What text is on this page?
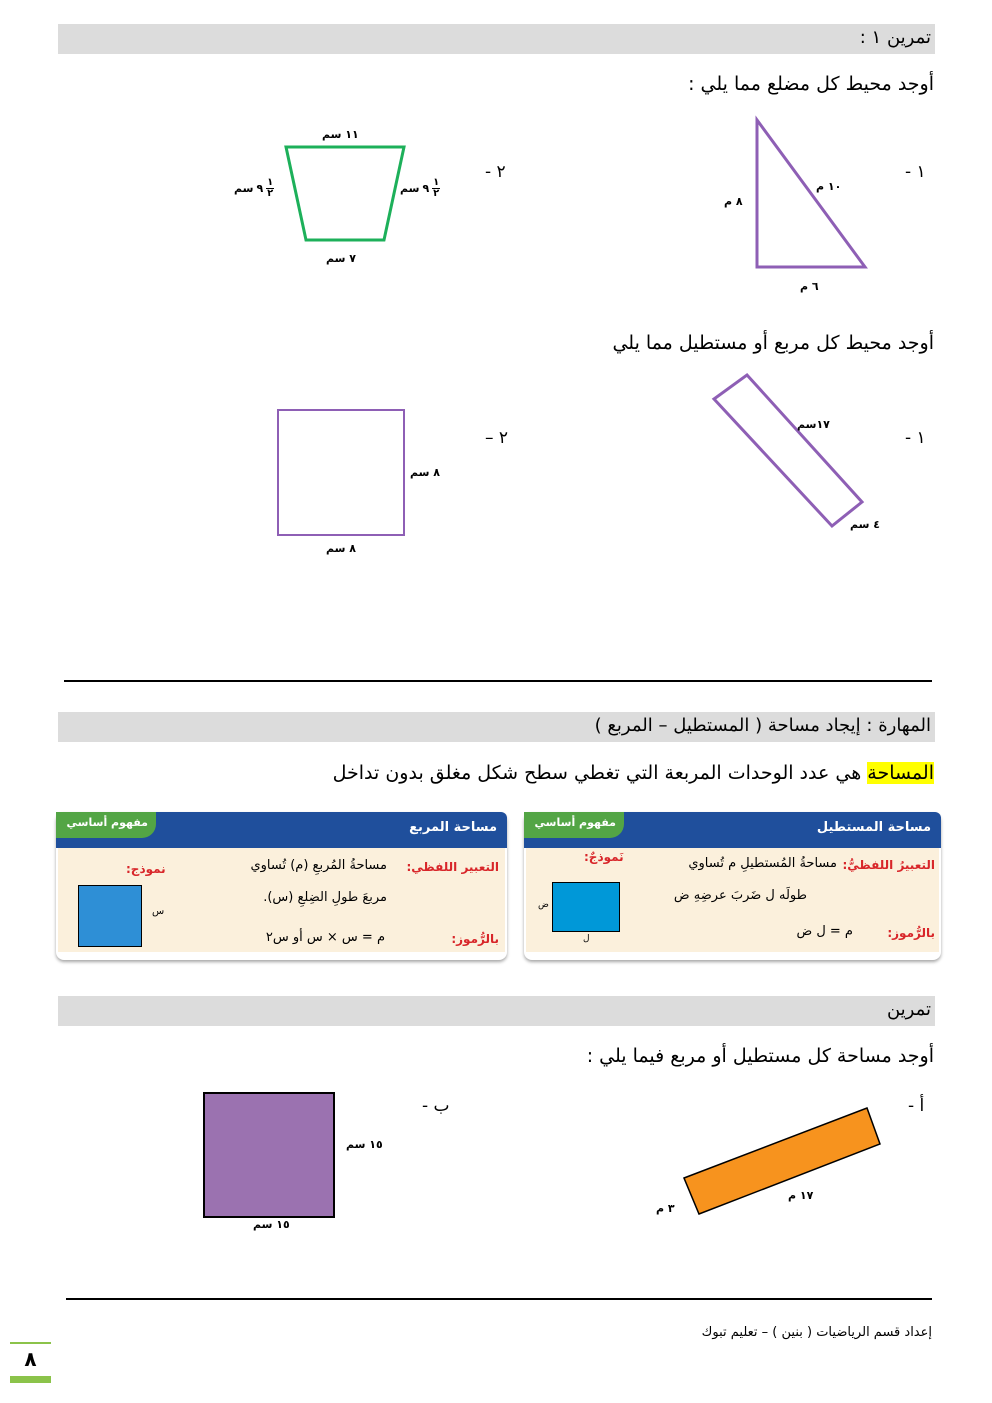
تمرين ١ :
أوجد محيط كل مضلع مما يلي :
١ -
١٠ م
٨ م
٦ م
٢ -
١١ سم
٧ سم
سم ٩ ١
٢
سم ٩ ١
٢
أوجد محيط كل مربع أو مستطيل مما يلي
١ -
١٧سم
٤ سم
٢ –
٨ سم
٨ سم
المهارة : إيجاد مساحة ( المستطيل – المربع )
المساحة هي عدد الوحدات المربعة التي تغطي سطح شكل مغلق بدون تداخل
مساحة المستطيل
مفهوم أساسي
التعبيرُ اللفظيُّ:
مساحةُ المُستطيلِ م تُساوي
طولَه ل ضَربَ عرضِهِ ض
بالرُّموز:
م = ل ض
نَموذجٌ:
ض
ل
مساحة المربع
مفهوم أساسي
التعبير اللفظي:
مساحةُ المُربعِ (م) تُساوي
مربعَ طولِ الضِلعِ (س).
بالرُّموز:
م = س × س أو س٢
نموذج:
س
تمرين
أوجد مساحة كل مستطيل أو مربع فيما يلي :
أ -
١٧ م
٣ م
ب -
١٥ سم
١٥ سم
إعداد قسم الرياضيات ( بنين ) – تعليم تبوك
٨
